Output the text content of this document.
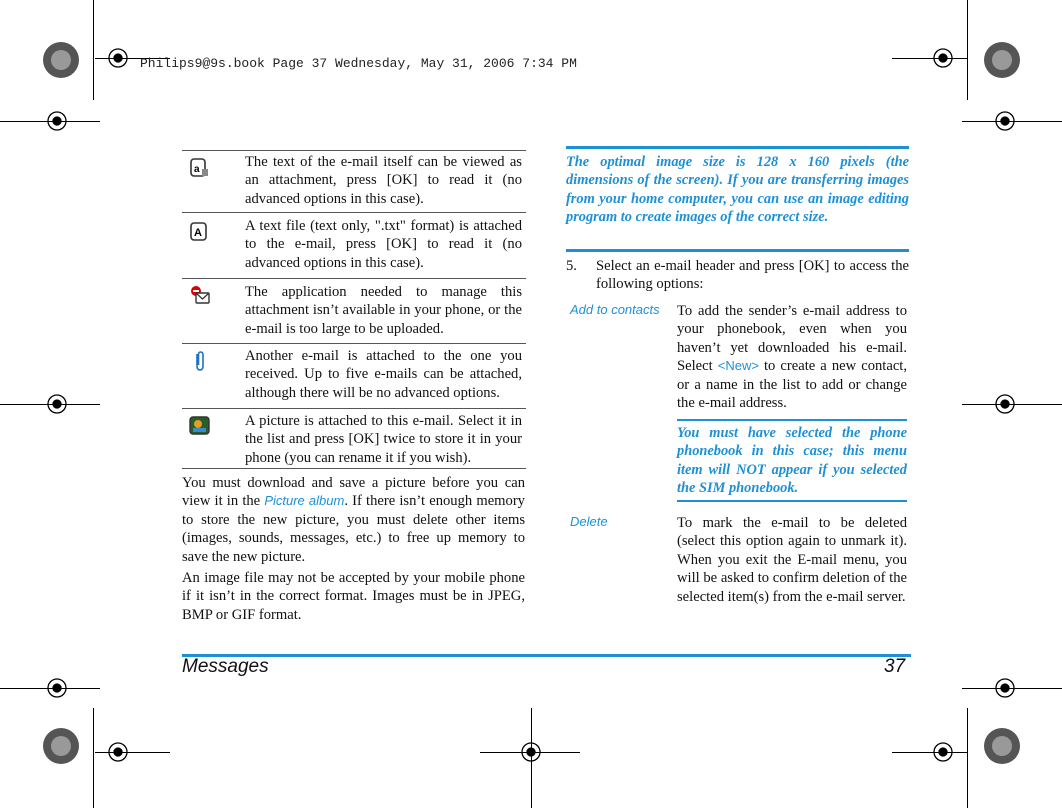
Philips9@9s.book Page 37 Wednesday, May 31, 2006 7:34 PM
a	The text of the e-mail itself can be viewed as an attachment, press [OK] to read it (no advanced options in this case).
A	A text file (text only, ".txt" format) is attached to the e-mail, press [OK] to read it (no advanced options in this case).
The application needed to manage this attachment isn’t available in your phone, or the e-mail is too large to be uploaded.
Another e-mail is attached to the one you received. Up to five e-mails can be attached, although there will be no advanced options.
A picture is attached to this e-mail. Select it in the list and press [OK] twice to store it in your phone (you can rename it if you wish).
You must download and save a picture before you can view it in the Picture album. If there isn’t enough memory to store the new picture, you must delete other items (images, sounds, messages, etc.) to free up memory to save the new picture.
An image file may not be accepted by your mobile phone if it isn’t in the correct format. Images must be in JPEG, BMP or GIF format.
The optimal image size is 128 x 160 pixels (the dimensions of the screen). If you are transferring images from your home computer, you can use an image editing program to create images of the correct size.
5.	Select an e-mail header and press [OK] to access the following options:
Add to contacts To add the sender’s e-mail address to your phonebook, even when you haven’t yet downloaded his e-mail. Select <New> to create a new contact, or a name in the list to add or change the e-mail address.
You must have selected the phone phonebook in this case; this menu item will NOT appear if you selected the SIM phonebook.
Delete	To mark the e-mail to be deleted (select this option again to unmark it). When you exit the E-mail menu, you will be asked to confirm deletion of the selected item(s) from the e-mail server.
Messages	37
